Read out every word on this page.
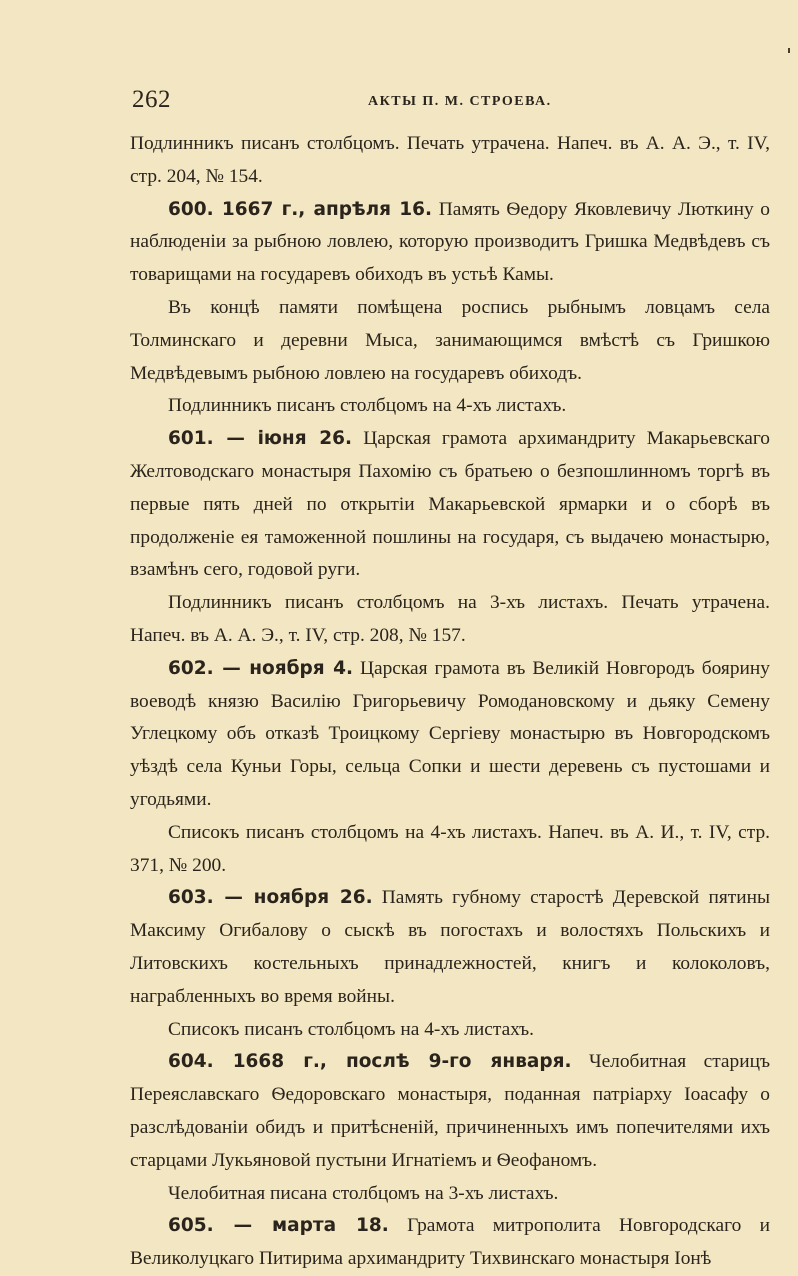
262	АКТЫ П. М. СТРОЕВА.

Подлинникъ писанъ столбцомъ. Печать утрачена. Напеч. въ А. А. Э., т. IV, стр. 204, № 154.

600. 1667 г., апрѣля 16. Память Ѳедору Яковлевичу Люткину о наблюденіи за рыбною ловлею, которую производитъ Гришка Медвѣдевъ съ товарищами на государевъ обиходъ въ устьѣ Камы.

Въ концѣ памяти помѣщена роспись рыбнымъ ловцамъ села Толминскаго и деревни Мыса, занимающимся вмѣстѣ съ Гришкою Медвѣдевымъ рыбною ловлею на государевъ обиходъ.

Подлинникъ писанъ столбцомъ на 4-хъ листахъ.

601. — іюня 26. Царская грамота архимандриту Макарьевскаго Желтоводскаго монастыря Пахомію съ братьею о безпошлинномъ торгѣ въ первые пять дней по открытіи Макарьевской ярмарки и о сборѣ въ продолженіе ея таможенной пошлины на государя, съ выдачею монастырю, взамѣнъ сего, годовой руги.

Подлинникъ писанъ столбцомъ на 3-хъ листахъ. Печать утрачена. Напеч. въ А. А. Э., т. IV, стр. 208, № 157.

602. — ноября 4. Царская грамота въ Великій Новгородъ боярину воеводѣ князю Василію Григорьевичу Ромодановскому и дьяку Семену Углецкому объ отказѣ Троицкому Сергіеву монастырю въ Новгородскомъ уѣздѣ села Куньи Горы, сельца Сопки и шести деревень съ пустошами и угодьями.

Списокъ писанъ столбцомъ на 4-хъ листахъ. Напеч. въ А. И., т. IV, стр. 371, № 200.

603. — ноября 26. Память губному старостѣ Деревской пятины Максиму Огибалову о сыскѣ въ погостахъ и волостяхъ Польскихъ и Литовскихъ костельныхъ принадлежностей, книгъ и колоколовъ, награбленныхъ во время войны.

Списокъ писанъ столбцомъ на 4-хъ листахъ.

604. 1668 г., послѣ 9-го января. Челобитная старицъ Переяславскаго Ѳедоровскаго монастыря, поданная патріарху Іоасафу о разслѣдованіи обидъ и притѣсненій, причиненныхъ имъ попечителями ихъ старцами Лукьяновой пустыни Игнатіемъ и Ѳеофаномъ.

Челобитная писана столбцомъ на 3-хъ листахъ.

605. — марта 18. Грамота митрополита Новгородскаго и Великолуцкаго Питирима архимандриту Тихвинскаго монастыря Іонѣ
